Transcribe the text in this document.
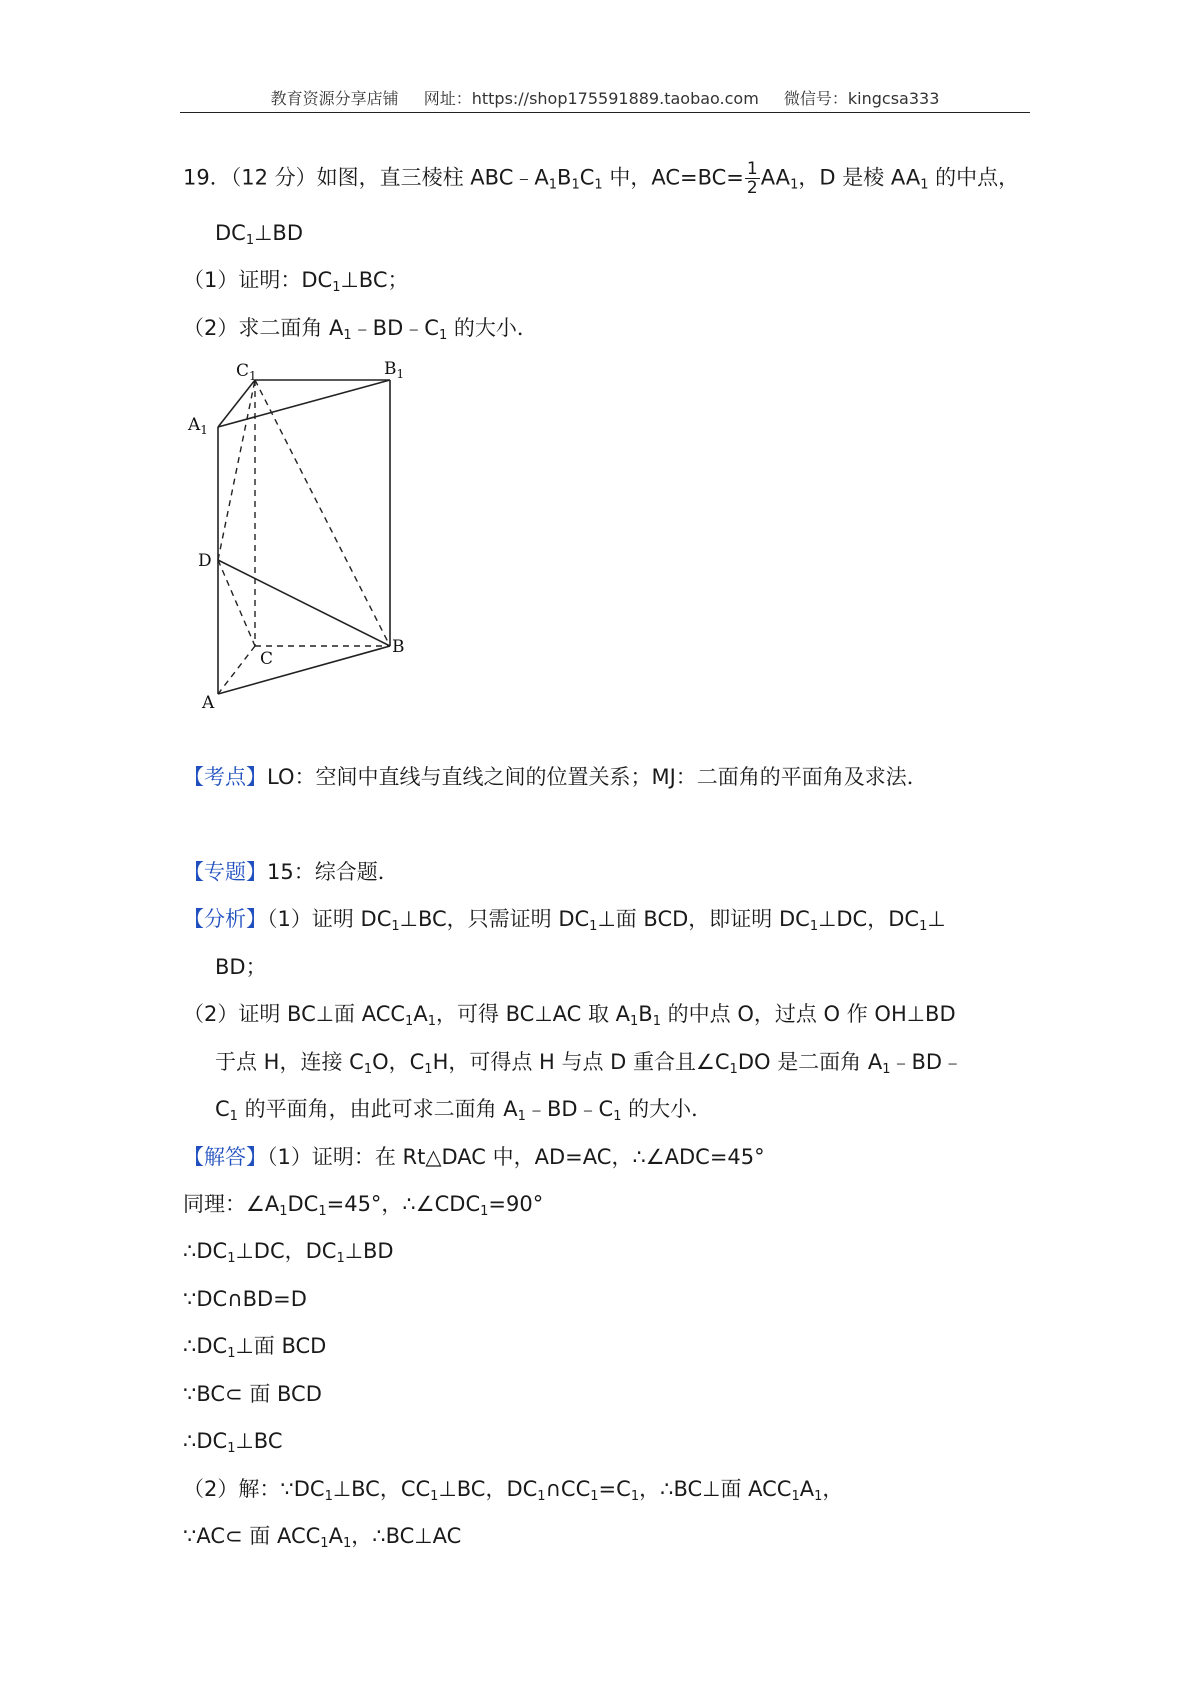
教育资源分享店铺 网址：https://shop175591889.taobao.com 微信号：kingcsa333
19．（12 分）如图，直三棱柱 $ABC﹣A_1B_1C_1$ 中，$AC=BC= \frac{1}{2} AA_1$，D 是棱 $AA_1$ 的中点，
$DC_1\perp BD$
（1）证明：$DC_1\perp BC$；
（2）求二面角 $A_1﹣BD﹣C_1$ 的大小．
$C_1$	$B_1$
$A_1$
D
C
B
A
【考点】LO：空间中直线与直线之间的位置关系；MJ：二面角的平面角及求法．
【专题】15：综合题．
【分析】（1）证明 $DC_1\perp BC$，只需证明 $DC_1\perp$面 BCD，即证明 $DC_1\perp DC$，$DC_1\perp$
BD；
（2）证明 BC⊥面 $ACC_1A_1$，可得 BC⊥AC 取 $A_1B_1$ 的中点 O，过点 O 作 OH⊥BD
于点 H，连接 $C_1O$，$C_1H$，可得点 H 与点 D 重合且$\angle C_1DO$ 是二面角 $A_1﹣BD﹣$
$C_1$ 的平面角，由此可求二面角 $A_1﹣BD﹣C_1$ 的大小．
【解答】（1）证明：在 Rt△DAC 中，AD=AC，∴∠ADC=45°
同理：$\angle A_1DC_1=45^\circ$，$\therefore\angle CDC_1=90^\circ$
$\therefore DC_1\perp DC$，$DC_1\perp BD$
∵DC∩BD=D
$\therefore DC_1\perp$面 BCD
∵BC⊂ 面 BCD
$\therefore DC_1\perp BC$
（2）解：$\because DC_1\perp BC$，$CC_1\perp BC$，$DC_1\cap CC_1=C_1$，∴BC⊥面 $ACC_1A_1$，
∵AC⊂ 面 $ACC_1A_1$，∴BC⊥AC
